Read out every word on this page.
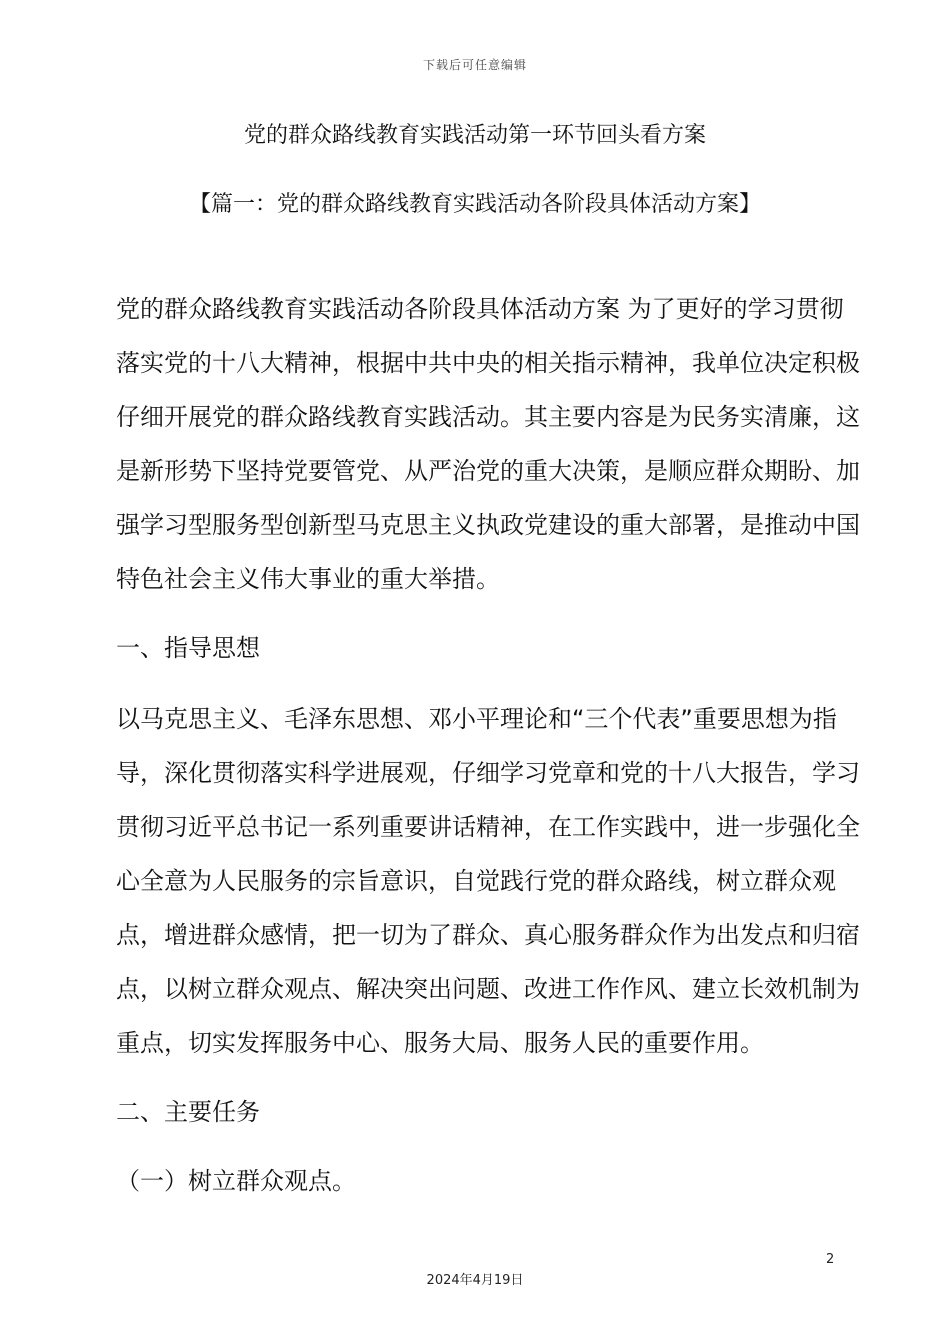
下载后可任意编辑
党的群众路线教育实践活动第一环节回头看方案
【篇一：党的群众路线教育实践活动各阶段具体活动方案】
党的群众路线教育实践活动各阶段具体活动方案 为了更好的学习贯彻
落实党的十八大精神，根据中共中央的相关指示精神，我单位决定积极
仔细开展党的群众路线教育实践活动。其主要内容是为民务实清廉，这
是新形势下坚持党要管党、从严治党的重大决策，是顺应群众期盼、加
强学习型服务型创新型马克思主义执政党建设的重大部署，是推动中国
特色社会主义伟大事业的重大举措。
一、指导思想
以马克思主义、毛泽东思想、邓小平理论和“三个代表”重要思想为指
导，深化贯彻落实科学进展观，仔细学习党章和党的十八大报告，学习
贯彻习近平总书记一系列重要讲话精神，在工作实践中，进一步强化全
心全意为人民服务的宗旨意识，自觉践行党的群众路线，树立群众观
点，增进群众感情，把一切为了群众、真心服务群众作为出发点和归宿
点，以树立群众观点、解决突出问题、改进工作作风、建立长效机制为
重点，切实发挥服务中心、服务大局、服务人民的重要作用。
二、主要任务
（一）树立群众观点。
2
2024年4月19日
